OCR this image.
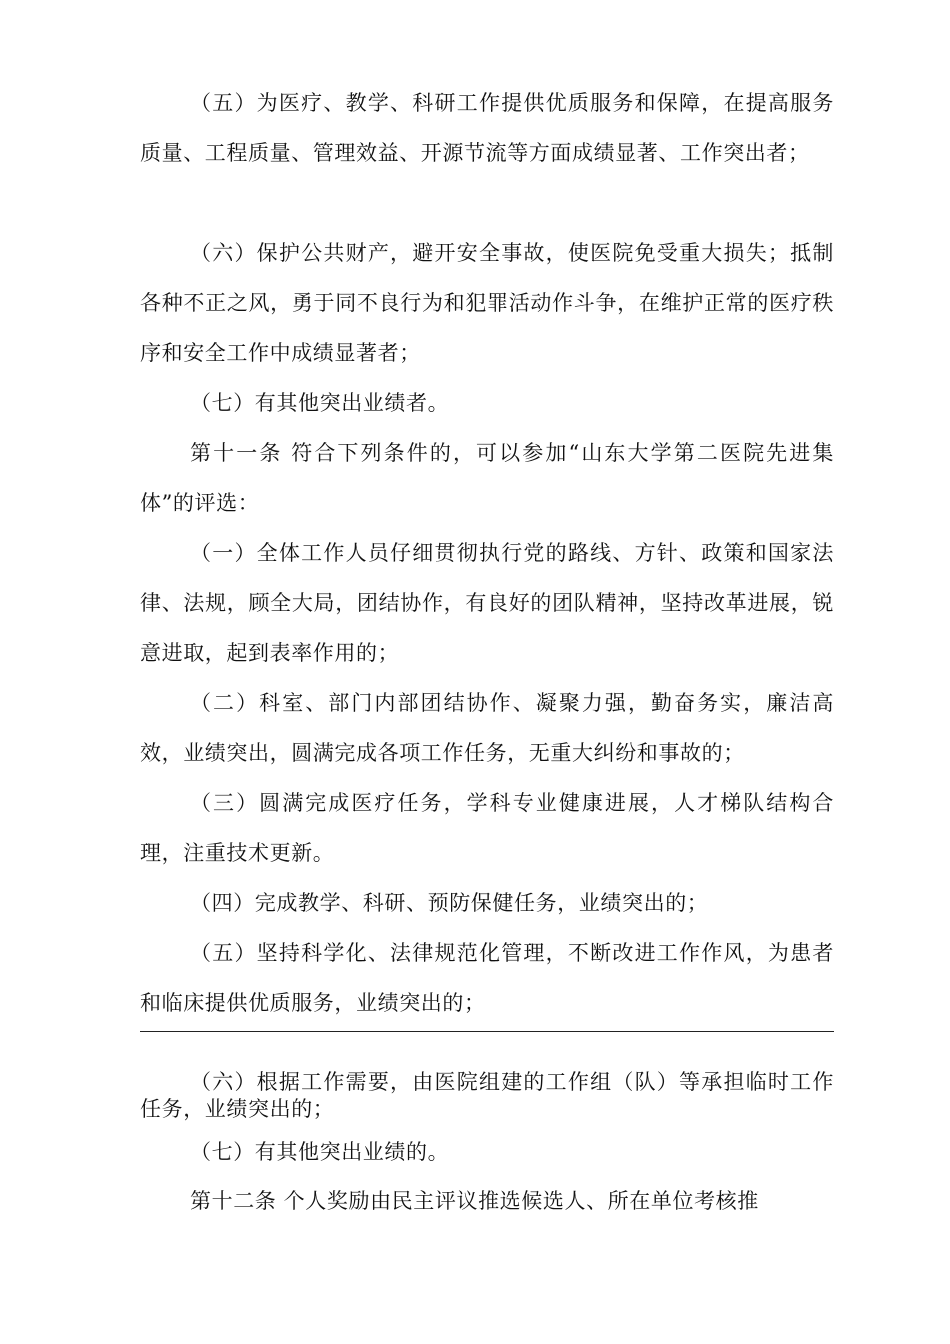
（五）为医疗、教学、科研工作提供优质服务和保障，在提高服务质量、工程质量、管理效益、开源节流等方面成绩显著、工作突出者；

（六）保护公共财产，避开安全事故，使医院免受重大损失；抵制各种不正之风，勇于同不良行为和犯罪活动作斗争，在维护正常的医疗秩序和安全工作中成绩显著者；

（七）有其他突出业绩者。

第十一条 符合下列条件的，可以参加“山东大学第二医院先进集体”的评选：

（一）全体工作人员仔细贯彻执行党的路线、方针、政策和国家法律、法规，顾全大局，团结协作，有良好的团队精神，坚持改革进展，锐意进取，起到表率作用的；

（二）科室、部门内部团结协作、凝聚力强，勤奋务实，廉洁高效，业绩突出，圆满完成各项工作任务，无重大纠纷和事故的；

（三）圆满完成医疗任务，学科专业健康进展，人才梯队结构合理，注重技术更新。

（四）完成教学、科研、预防保健任务，业绩突出的；

（五）坚持科学化、法律规范化管理，不断改进工作作风，为患者和临床提供优质服务，业绩突出的；

（六）根据工作需要，由医院组建的工作组（队）等承担临时工作任务，业绩突出的；

（七）有其他突出业绩的。

第十二条 个人奖励由民主评议推选候选人、所在单位考核推
